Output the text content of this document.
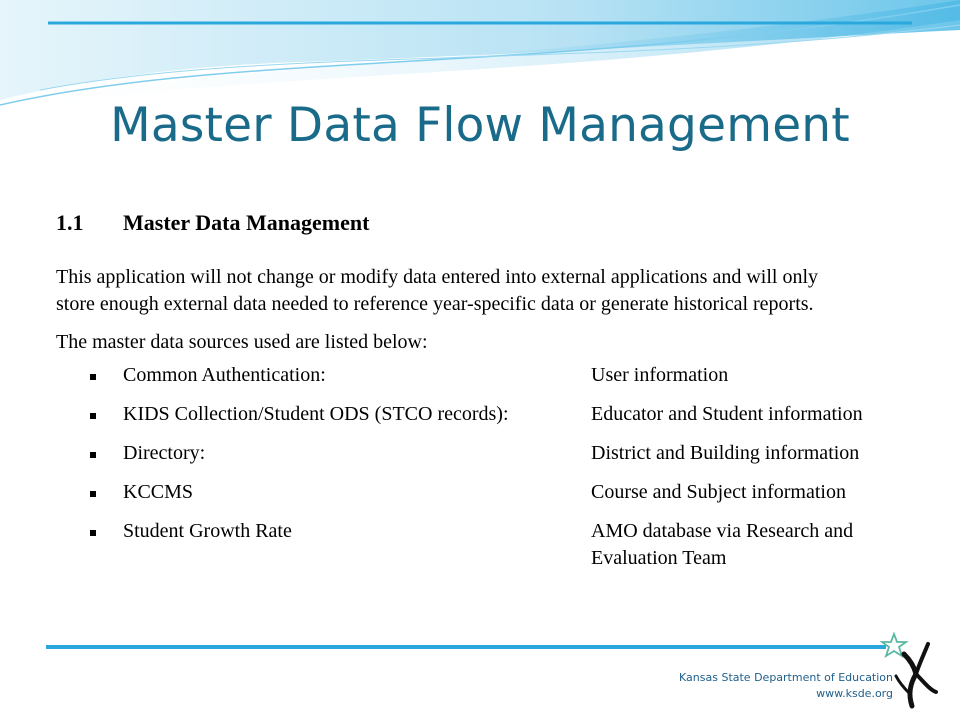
Master Data Flow Management
1.1 Master Data Management
This application will not change or modify data entered into external applications and will only
store enough external data needed to reference year-specific data or generate historical reports.
The master data sources used are listed below:
Common Authentication:	User information
KIDS Collection/Student ODS (STCO records):	Educator and Student information
Directory:	District and Building information
KCCMS	Course and Subject information
Student Growth Rate	AMO database via Research and
Evaluation Team
Kansas State Department of Education
www.ksde.org
